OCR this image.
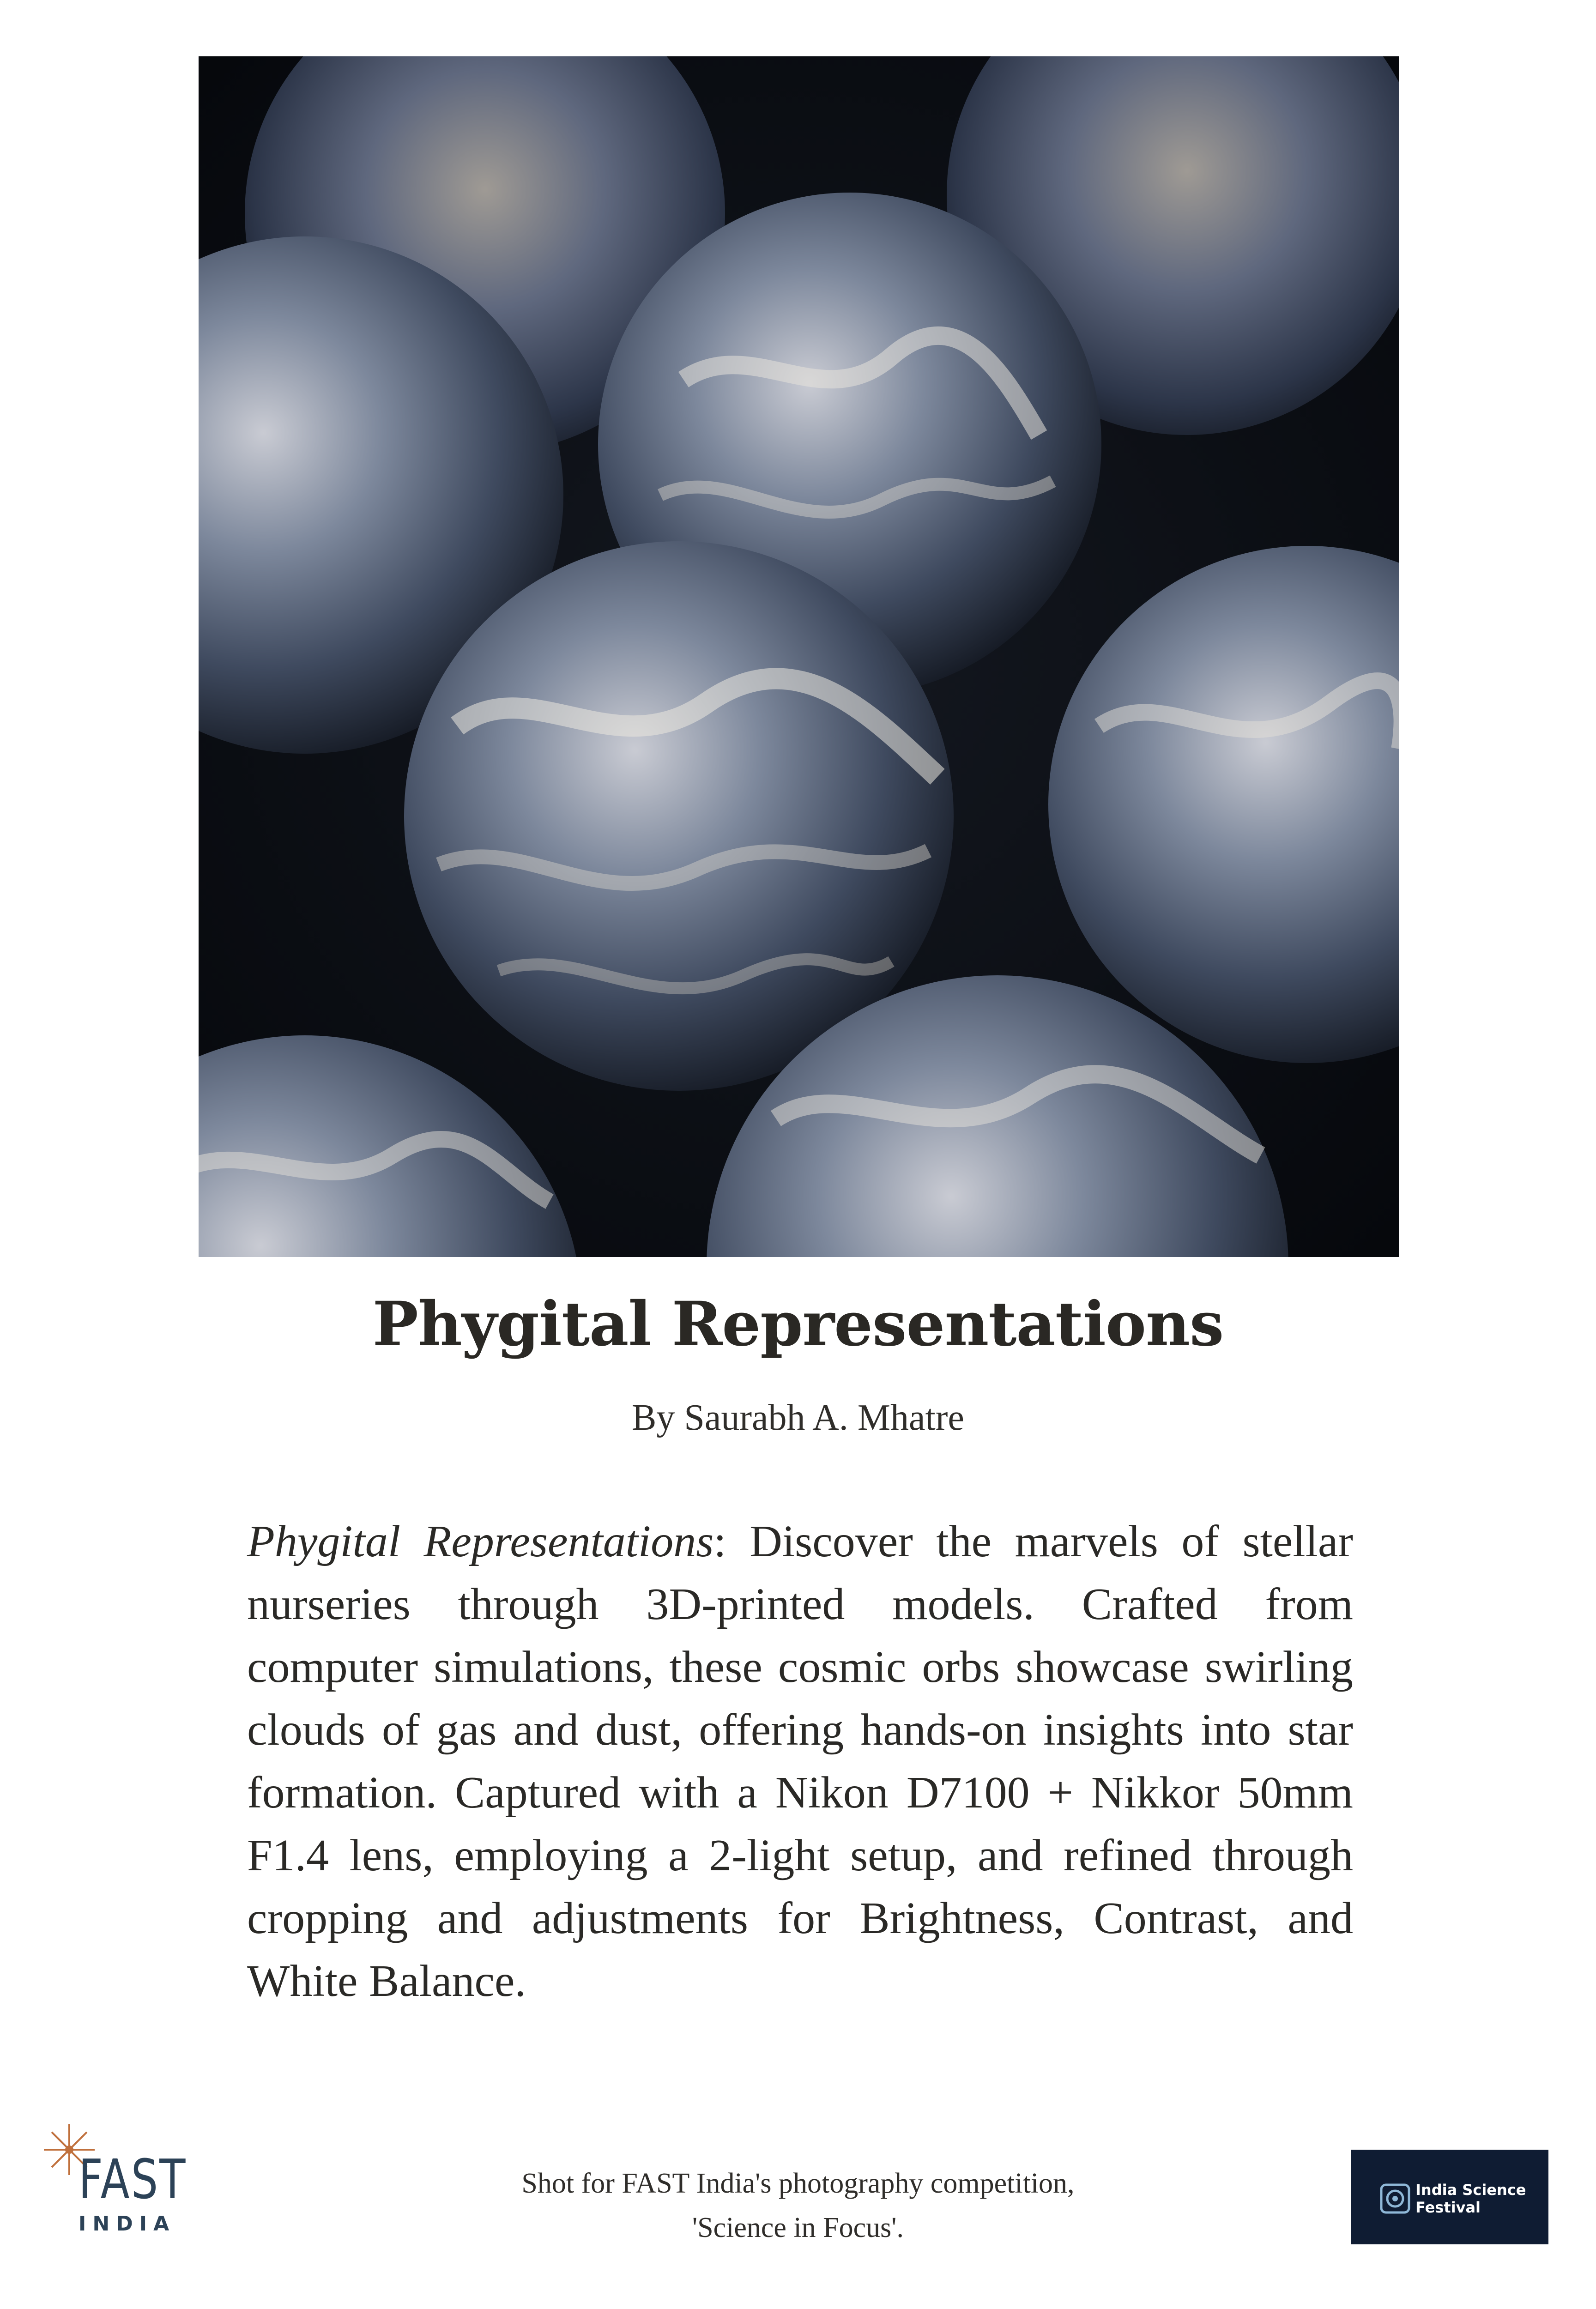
Phygital Representations
By Saurabh A. Mhatre
Phygital Representations: Discover the marvels of stellar nurseries through 3D-printed models. Crafted from computer simulations, these cosmic orbs showcase swirling clouds of gas and dust, offering hands-on insights into star formation. Captured with a Nikon D7100 + Nikkor 50mm F1.4 lens, employing a 2-light setup, and refined through cropping and adjustments for Brightness, Contrast, and White Balance.
FAST
INDIA
Shot for FAST India's photography competition,
'Science in Focus'.
India Science
Festival
